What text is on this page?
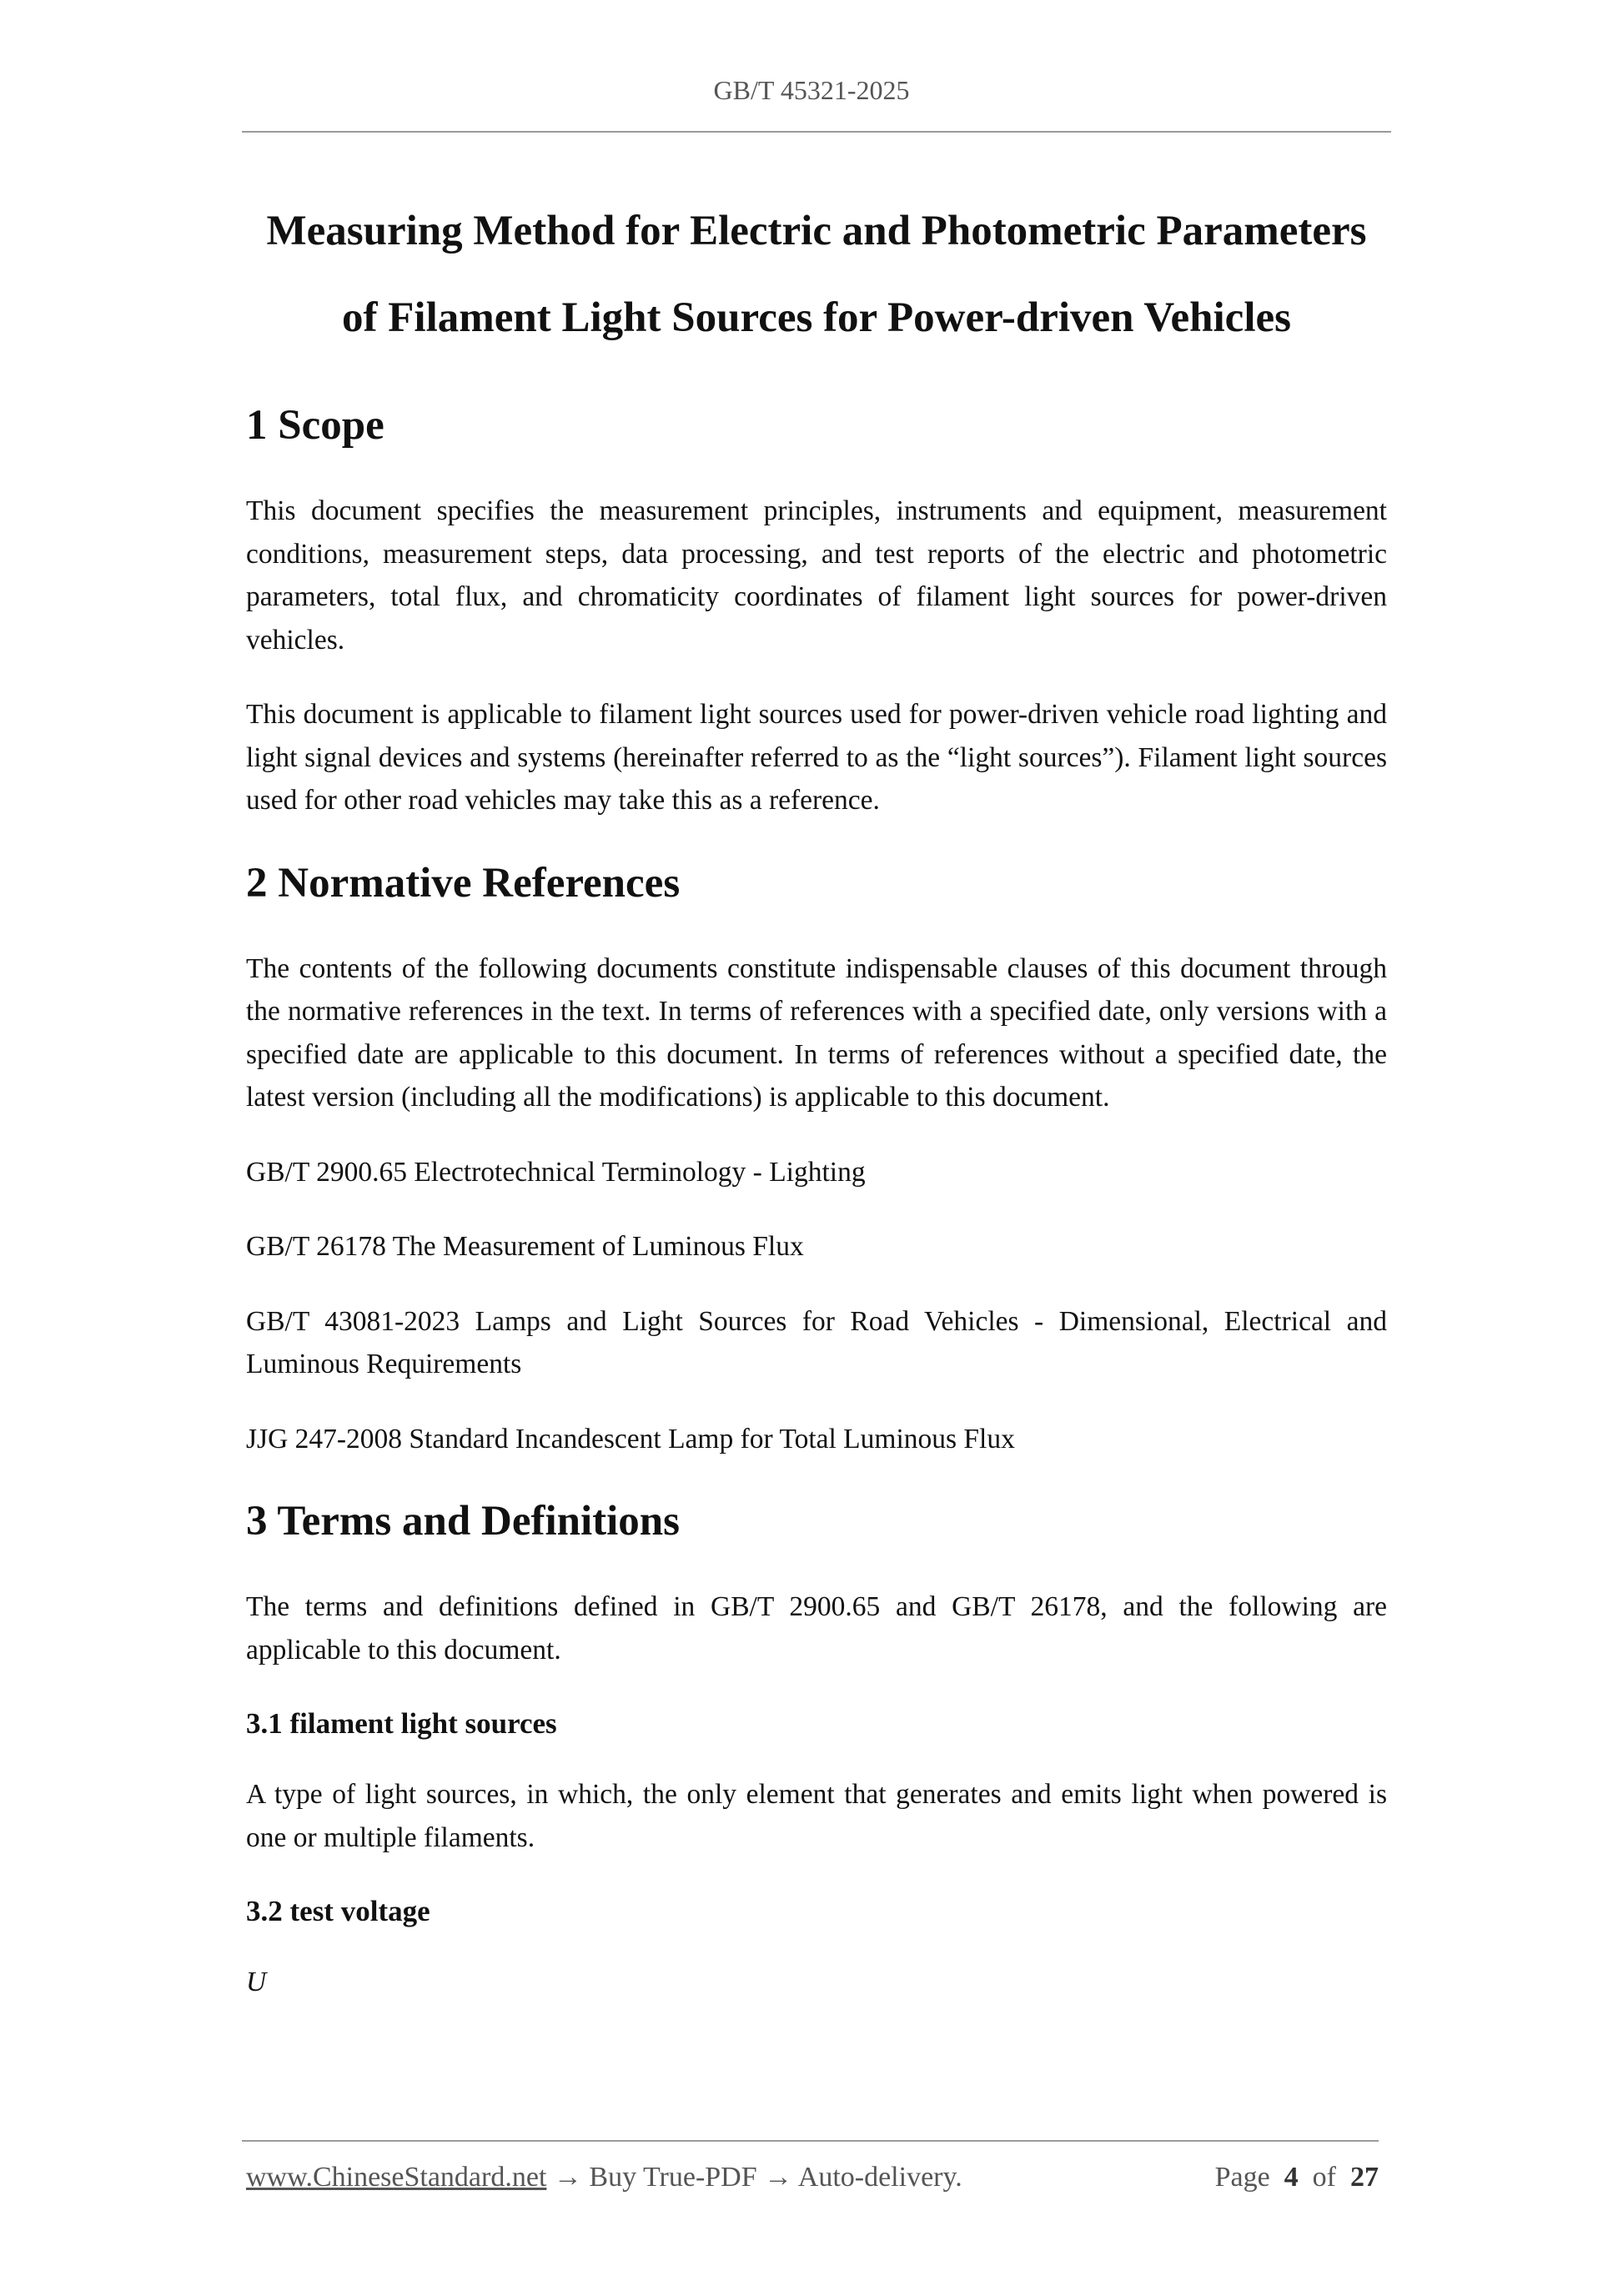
GB/T 45321-2025
Measuring Method for Electric and Photometric Parameters
of Filament Light Sources for Power-driven Vehicles
1 Scope

This document specifies the measurement principles, instruments and equipment, measurement conditions, measurement steps, data processing, and test reports of the electric and photometric parameters, total flux, and chromaticity coordinates of filament light sources for power-driven vehicles.

This document is applicable to filament light sources used for power-driven vehicle road lighting and light signal devices and systems (hereinafter referred to as the “light sources”). Filament light sources used for other road vehicles may take this as a reference.

2 Normative References

The contents of the following documents constitute indispensable clauses of this document through the normative references in the text. In terms of references with a specified date, only versions with a specified date are applicable to this document. In terms of references without a specified date, the latest version (including all the modifications) is applicable to this document.

GB/T 2900.65 Electrotechnical Terminology - Lighting

GB/T 26178 The Measurement of Luminous Flux

GB/T 43081-2023 Lamps and Light Sources for Road Vehicles - Dimensional, Electrical and Luminous Requirements

JJG 247-2008 Standard Incandescent Lamp for Total Luminous Flux

3 Terms and Definitions

The terms and definitions defined in GB/T 2900.65 and GB/T 26178, and the following are applicable to this document.

3.1 filament light sources

A type of light sources, in which, the only element that generates and emits light when powered is one or multiple filaments.

3.2 test voltage

U

www.ChineseStandard.net → Buy True-PDF → Auto-delivery.	Page 4 of 27
